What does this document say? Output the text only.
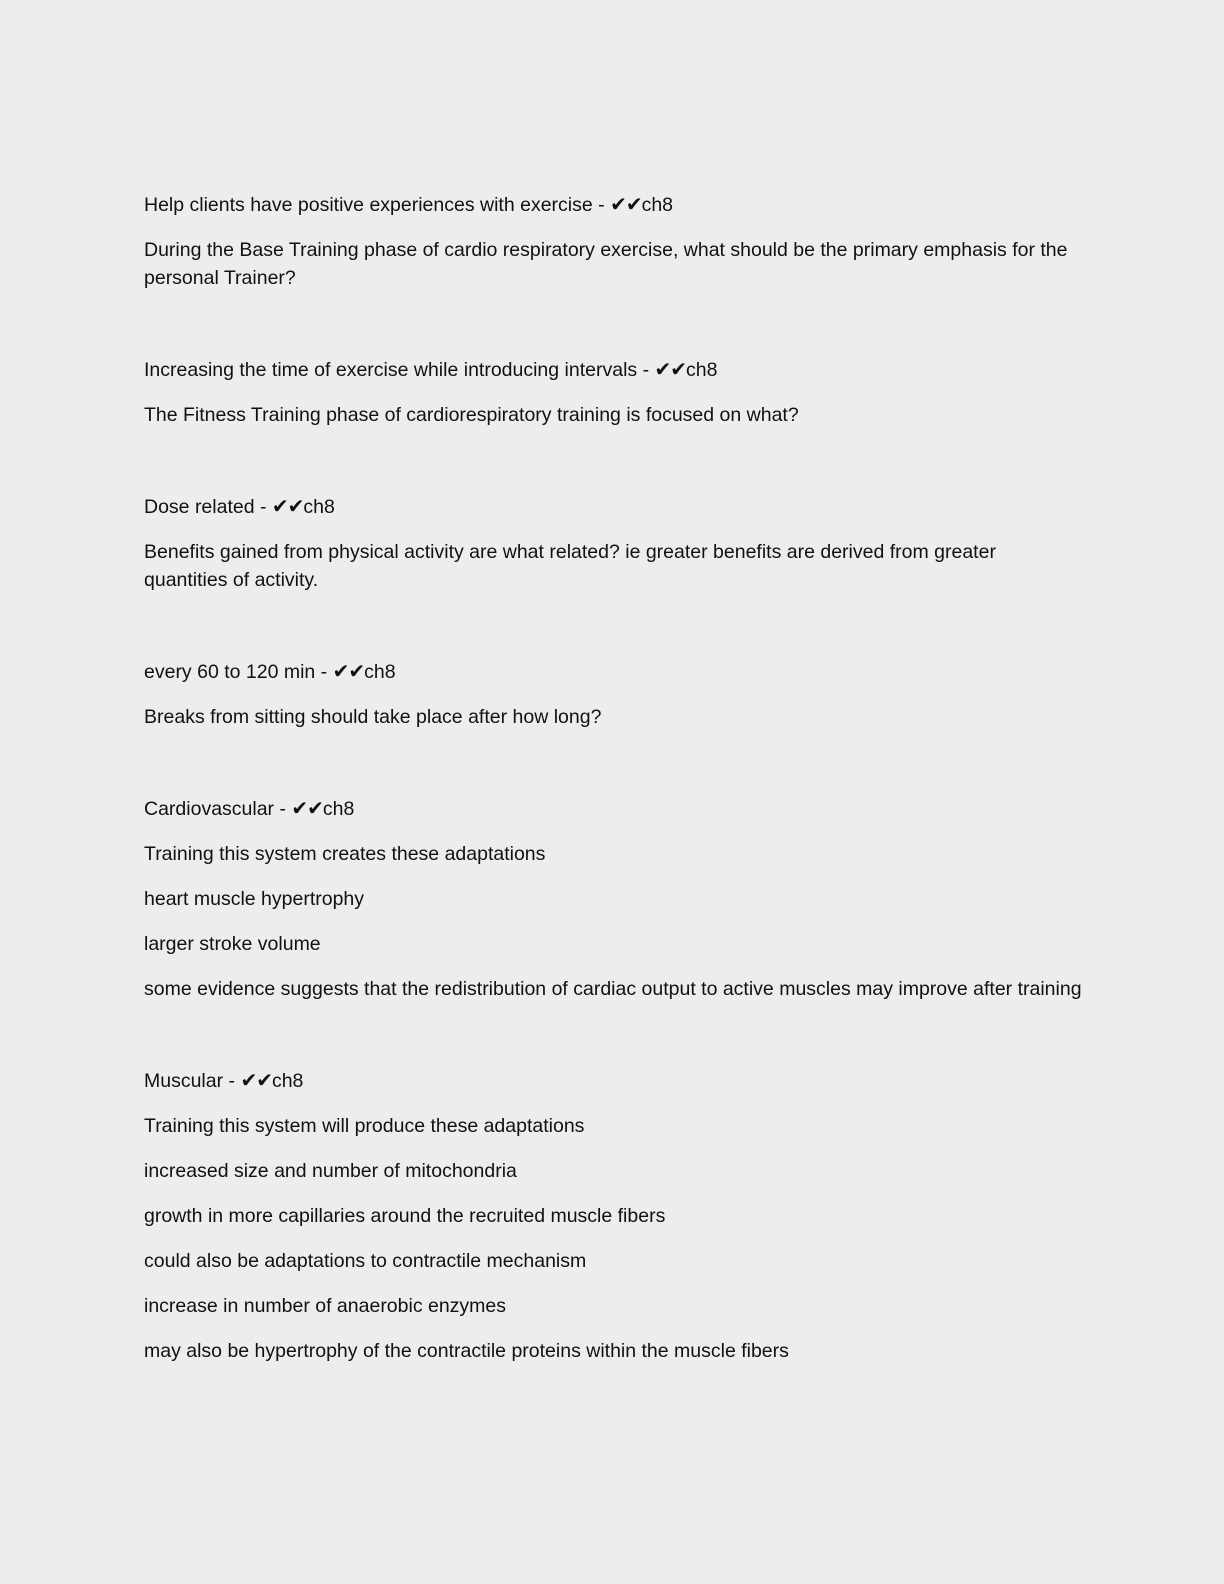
Help clients have positive experiences with exercise - ✔✔ch8
During the Base Training phase of cardio respiratory exercise, what should be the primary emphasis for the personal Trainer?
Increasing the time of exercise while introducing intervals - ✔✔ch8
The Fitness Training phase of cardiorespiratory training is focused on what?
Dose related - ✔✔ch8
Benefits gained from physical activity are what related? ie greater benefits are derived from greater quantities of activity.
every 60 to 120 min - ✔✔ch8
Breaks from sitting should take place after how long?
Cardiovascular - ✔✔ch8
Training this system creates these adaptations
heart muscle hypertrophy
larger stroke volume
some evidence suggests that the redistribution of cardiac output to active muscles may improve after training
Muscular - ✔✔ch8
Training this system will produce these adaptations
increased size and number of mitochondria
growth in more capillaries around the recruited muscle fibers
could also be adaptations to contractile mechanism
increase in number of anaerobic enzymes
may also be hypertrophy of the contractile proteins within the muscle fibers
